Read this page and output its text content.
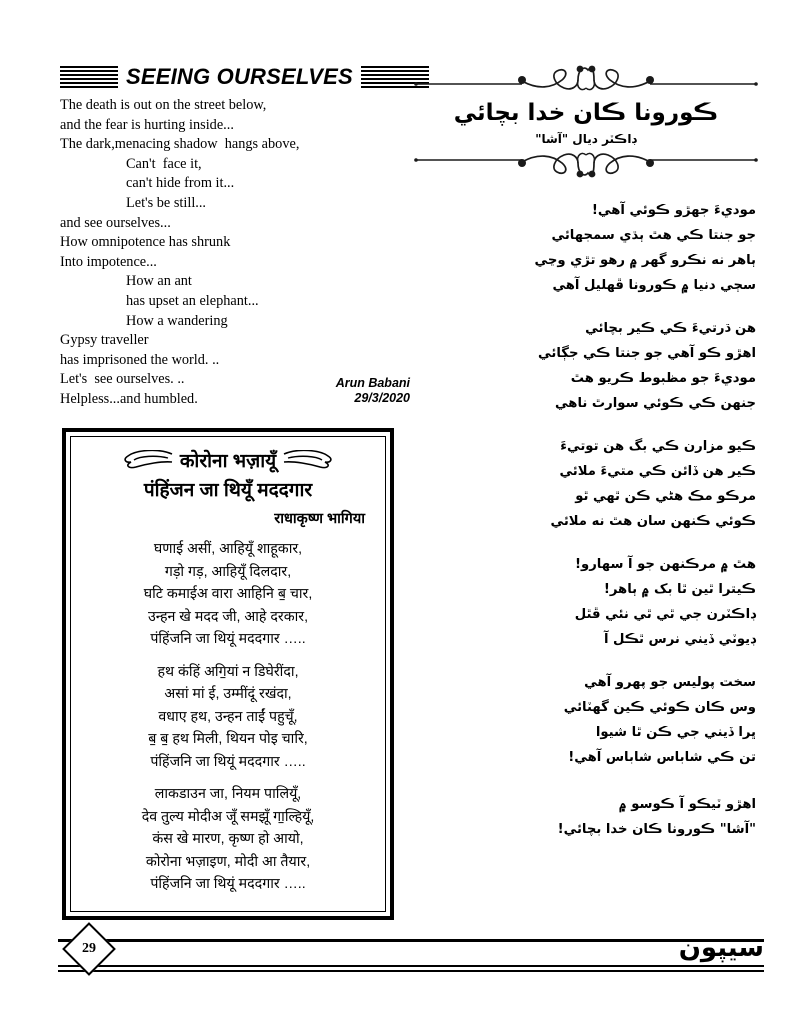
SEEING OURSELVES
The death is out on the street below,
and the fear is hurting inside...
The dark,menacing shadow  hangs above,
Can't  face it,
can't hide from it...
Let's be still...
and see ourselves...
How omnipotence has shrunk
Into impotence...
How an ant
has upset an elephant...
How a wandering
Gypsy traveller
has imprisoned the world. ..
Let's  see ourselves. ..
Helpless...and humbled.
Arun Babani
29/3/2020
कोरोना भज़ायूँ
पंहिंजन जा थियूँ मददगार
राधाकृष्ण भागिया
घणाई असीं, आहियूँ शाहूकार,
गड़ो गड़, आहियूँ दिलदार,
घटि कमाईअ वारा आहिनि ब॒ चार,
उन्हन खे मदद जी, आहे दरकार,
पंहिंजनि जा थियूं मददगार …..
हथ कंहिं अगि॒यां न डिघेरींदा,
असां मां ई, उम्मींदूं रखंदा,
वधाए हथ, उन्हन ताईं पहुचूँ,
ब॒ ब॒ हथ मिली, थियन पोइ चारि,
पंहिंजनि जा थियूं मददगार …..
लाकडाउन जा, नियम पालियूँ,
देव तुल्य मोदीअ जूँ समझूँ गा॒ल्हियूँ,
कंस खे मारण, कृष्ण हो आयो,
कोरोना भज़ाइण, मोदी आ तैयार,
पंहिंजनि जा थियूं मददगार …..
ڪورونا ڪان خدا بچائي
ڊاڪٽر ديال "آشا"
موديءَ جهڙو ڪوئي آهي!
جو جنتا ڪي هٿ ٻڌي سمجهائي
ٻاهر نه نڪرو گهر ۾ رهو تڙي وڃي
سڄي دنيا ۾ ڪورونا ڦهليل آهي
هن ڌرتيءَ ڪي ڪير بچائي
اهڙو ڪو آهي جو جنتا ڪي جڳائي
موديءَ جو مظبوط ڪريو هٿ
جنهن ڪي ڪوئي سوارٿ ناهي
ڪيو مزارن ڪي بگ هن توتيءَ
ڪير هن ڏائن ڪي متيءَ ملائي
مرڪو مڪ هڻي ڪن ٿهي ٿو
ڪوئي ڪنهن سان هٿ نه ملائي
هٿ ۾ مرڪنهن جو آ سهارو!
ڪيترا ٿين ٿا بک ۾ ٻاهر!
ڊاڪٽرن جي ٿي ٿي نئي ڦٿل
ڊيوٽي ڏيني نرس ٿڪل آ
سخت پوليس جو پهرو آهي
وس ڪان ڪوئي ڪين گهٽائي
ڀرا ڏيني جي ڪن ٿا شيوا
تن ڪي شاباس شاباس آهي!
اهڙو ٽيڪو آ ڪوسو ۾
"آشا" ڪورونا ڪان خدا بچائي!
29	سيپون
